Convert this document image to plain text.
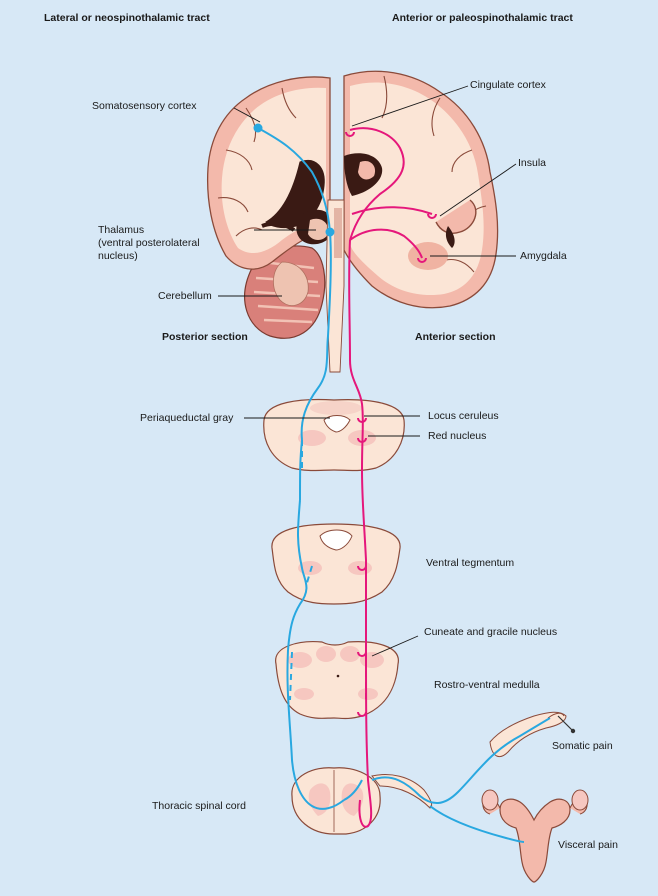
Lateral or neospinothalamic tract	Anterior or paleospinothalamic tract
Somatosensory cortex
Thalamus
(ventral posterolateral
nucleus)
Cerebellum
Cingulate cortex
Insula
Amygdala
Posterior section	Anterior section
Periaqueductal gray	Locus ceruleus
Red nucleus
Ventral tegmentum
Cuneate and gracile nucleus
Rostro-ventral medulla
Somatic pain
Thoracic spinal cord
Visceral pain
